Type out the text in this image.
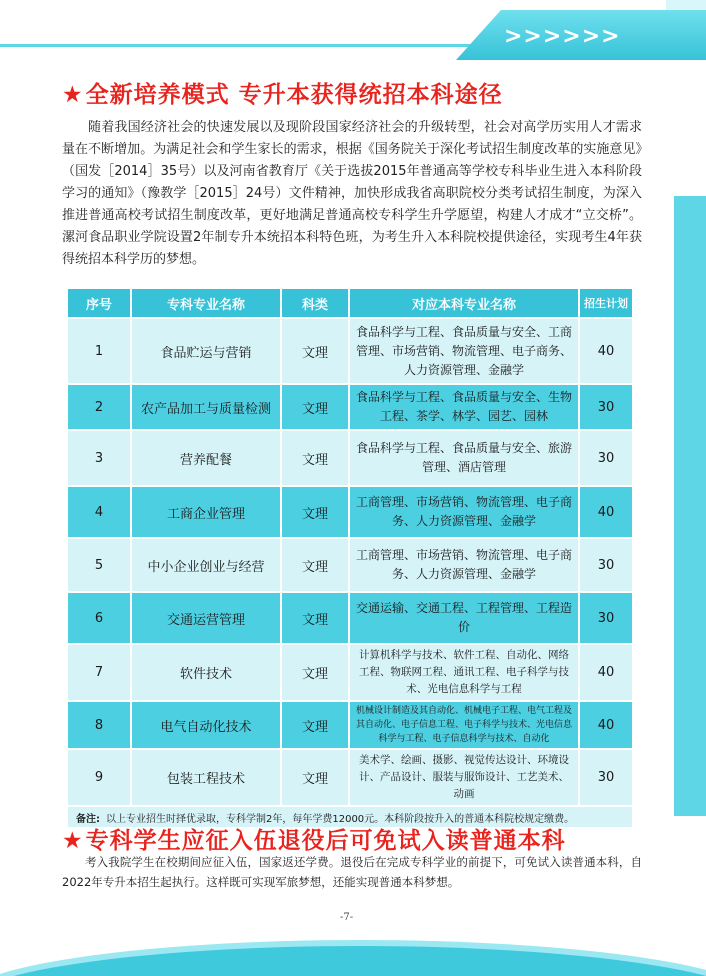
>>>>>>
★全新培养模式 专升本获得统招本科途径

随着我国经济社会的快速发展以及现阶段国家经济社会的升级转型，社会对高学历实用人才需求量在不断增加。为满足社会和学生家长的需求，根据《国务院关于深化考试招生制度改革的实施意见》（国发［2014］35号）以及河南省教育厅《关于选拔2015年普通高等学校专科毕业生进入本科阶段学习的通知》（豫教学［2015］24号）文件精神，加快形成我省高职院校分类考试招生制度，为深入推进普通高校考试招生制度改革，更好地满足普通高校专科学生升学愿望，构建人才成才“立交桥”。漯河食品职业学院设置2年制专升本统招本科特色班，为考生升入本科院校提供途径，实现考生4年获得统招本科学历的梦想。

序号	专科专业名称	科类	对应本科专业名称	招生计划
1	食品贮运与营销	文理	食品科学与工程、食品质量与安全、工商管理、市场营销、物流管理、电子商务、人力资源管理、金融学	40
2	农产品加工与质量检测	文理	食品科学与工程、食品质量与安全、生物工程、茶学、林学、园艺、园林	30
3	营养配餐	文理	食品科学与工程、食品质量与安全、旅游管理、酒店管理	30
4	工商企业管理	文理	工商管理、市场营销、物流管理、电子商务、人力资源管理、金融学	40
5	中小企业创业与经营	文理	工商管理、市场营销、物流管理、电子商务、人力资源管理、金融学	30
6	交通运营管理	文理	交通运输、交通工程、工程管理、工程造价	30
7	软件技术	文理	计算机科学与技术、软件工程、自动化、网络工程、物联网工程、通讯工程、电子科学与技术、光电信息科学与工程	40
8	电气自动化技术	文理	机械设计制造及其自动化、机械电子工程、电气工程及其自动化、电子信息工程、电子科学与技术、光电信息科学与工程、电子信息科学与技术、自动化	40
9	包装工程技术	文理	美术学、绘画、摄影、视觉传达设计、环境设计、产品设计、服装与服饰设计、工艺美术、动画	30
备注: 以上专业招生时择优录取，专科学制2年，每年学费12000元。本科阶段按升入的普通本科院校规定缴费。				
★专科学生应征入伍退役后可免试入读普通本科

考入我院学生在校期间应征入伍，国家返还学费。退役后在完成专科学业的前提下，可免试入读普通本科，自2022年专升本招生起执行。这样既可实现军旅梦想，还能实现普通本科梦想。

-7-
